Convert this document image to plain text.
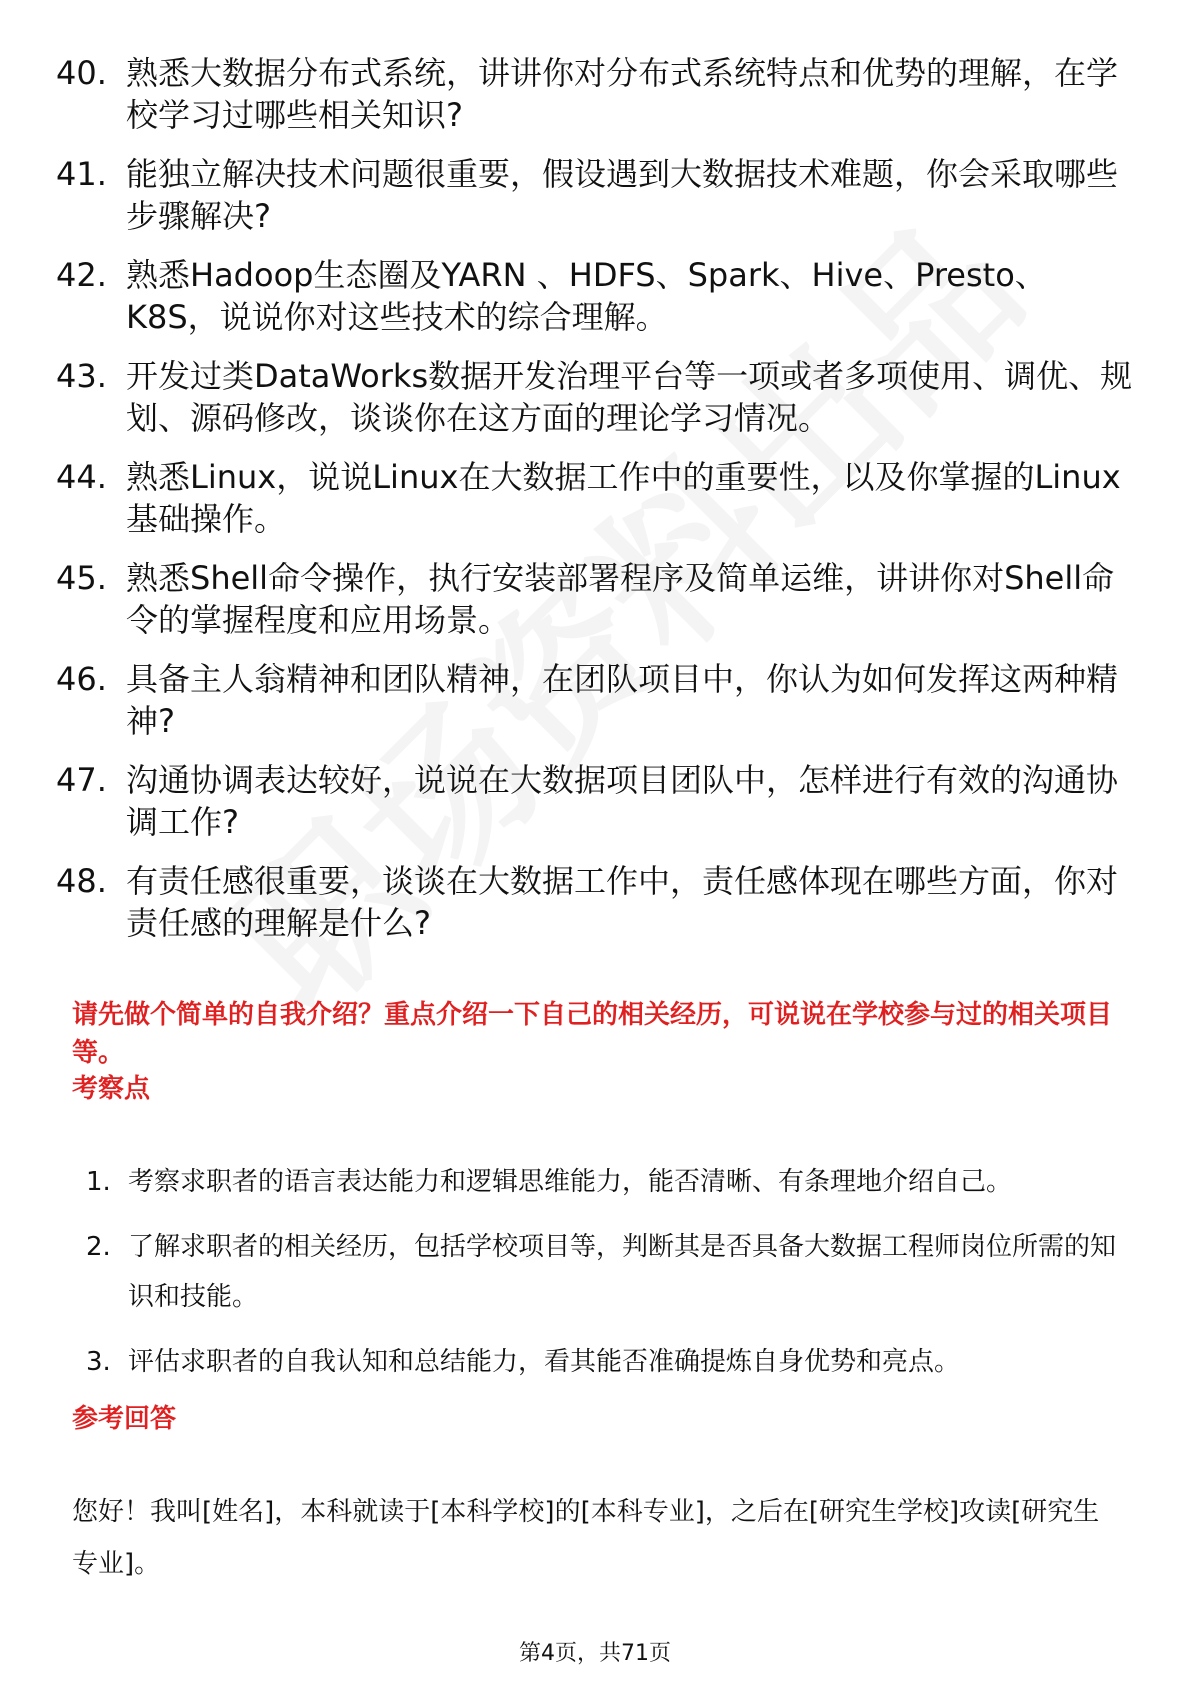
40. 熟悉大数据分布式系统，讲讲你对分布式系统特点和优势的理解，在学校学习过哪些相关知识?
41. 能独立解决技术问题很重要，假设遇到大数据技术难题，你会采取哪些步骤解决?
42. 熟悉Hadoop生态圈及YARN 、HDFS、Spark、Hive、Presto、K8S，说说你对这些技术的综合理解。
43. 开发过类DataWorks数据开发治理平台等一项或者多项使用、调优、规划、源码修改，谈谈你在这方面的理论学习情况。
44. 熟悉Linux，说说Linux在大数据工作中的重要性，以及你掌握的Linux基础操作。
45. 熟悉Shell命令操作，执行安装部署程序及简单运维，讲讲你对Shell命令的掌握程度和应用场景。
46. 具备主人翁精神和团队精神，在团队项目中，你认为如何发挥这两种精神?
47. 沟通协调表达较好，说说在大数据项目团队中，怎样进行有效的沟通协调工作?
48. 有责任感很重要，谈谈在大数据工作中，责任感体现在哪些方面，你对责任感的理解是什么?
请先做个简单的自我介绍？重点介绍一下自己的相关经历，可说说在学校参与过的相关项目等。
考察点
1. 考察求职者的语言表达能力和逻辑思维能力，能否清晰、有条理地介绍自己。
2. 了解求职者的相关经历，包括学校项目等，判断其是否具备大数据工程师岗位所需的知识和技能。
3. 评估求职者的自我认知和总结能力，看其能否准确提炼自身优势和亮点。
参考回答
您好！我叫[姓名]，本科就读于[本科学校]的[本科专业]，之后在[研究生学校]攻读[研究生专业]。
第4页，共71页
